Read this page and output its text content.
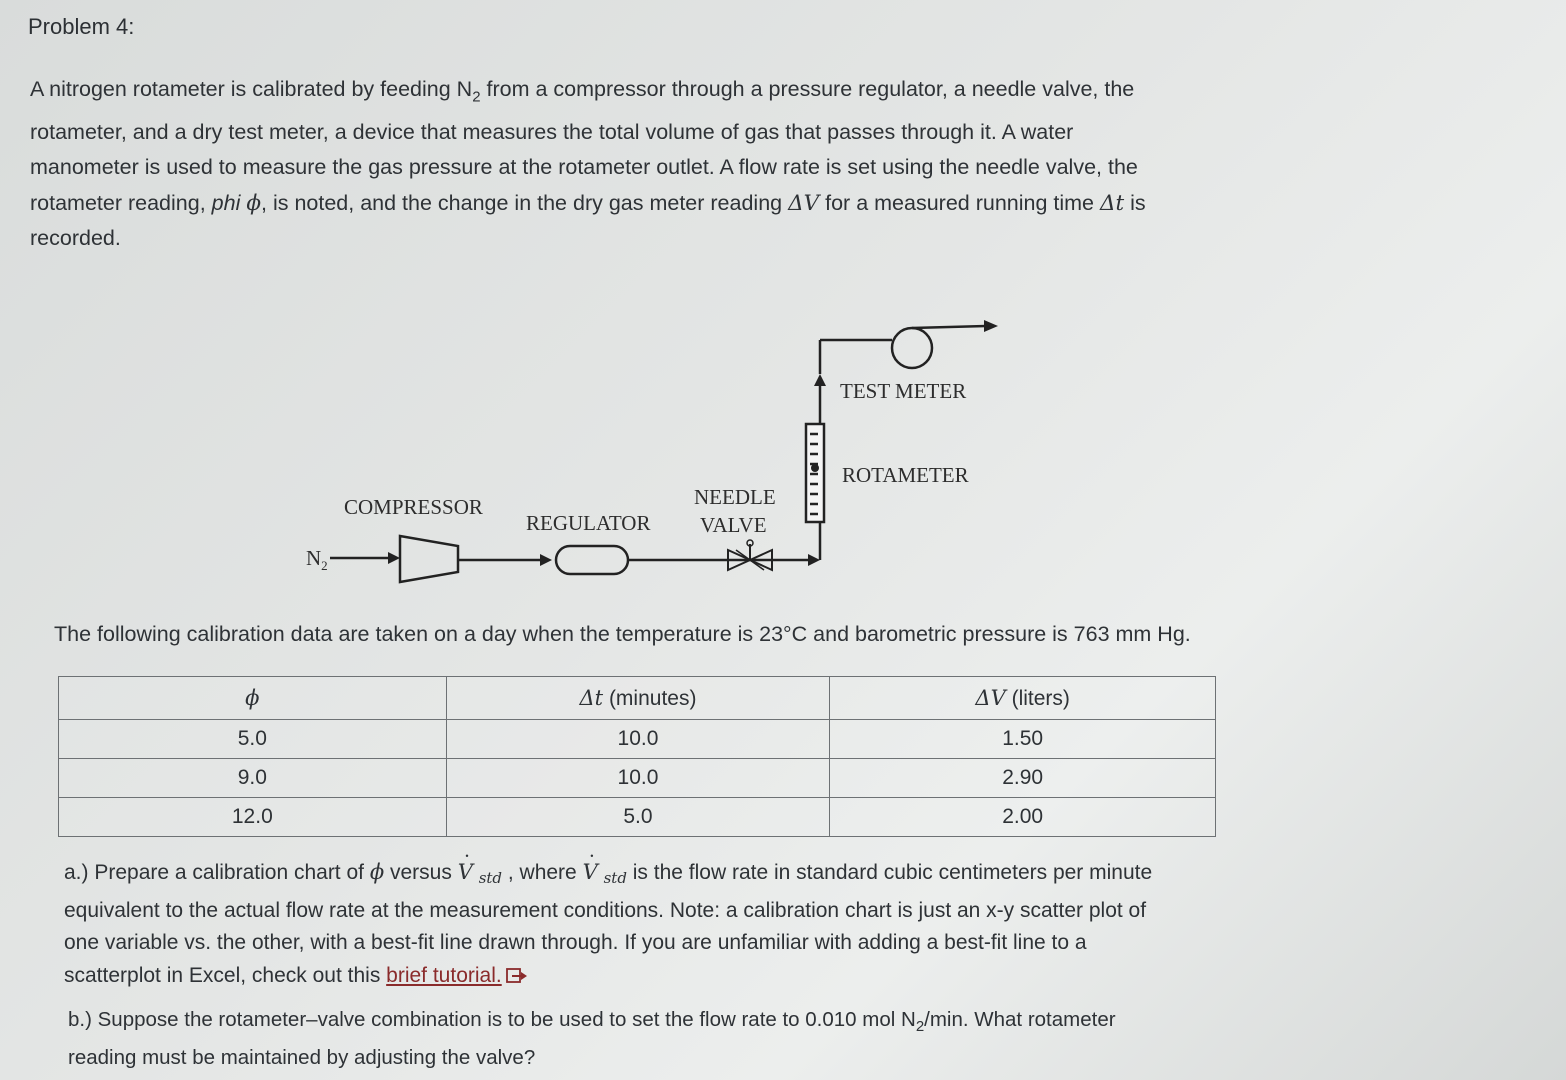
Problem 4:
A nitrogen rotameter is calibrated by feeding $N_2$ from a compressor through a pressure regulator, a needle valve, the
rotameter, and a dry test meter, a device that measures the total volume of gas that passes through it. A water
manometer is used to measure the gas pressure at the rotameter outlet. A flow rate is set using the needle valve, the
rotameter reading, phi ϕ, is noted, and the change in the dry gas meter reading ΔV for a measured running time Δt is
recorded.
$N_2$
COMPRESSOR
REGULATOR
NEEDLE
VALVE
ROTAMETER
TEST METER
The following calibration data are taken on a day when the temperature is 23°C and barometric pressure is 763 mm Hg.
ϕ	Δt (minutes)	ΔV (liters)
5.0	10.0	1.50
9.0	10.0	2.90
12.0	5.0	2.00
a.) Prepare a calibration chart of ϕ versus ˙ V $_{std}$ , where ˙ V $_{std}$ is the flow rate in standard cubic centimeters per minute
equivalent to the actual flow rate at the measurement conditions. Note: a calibration chart is just an x-y scatter plot of
one variable vs. the other, with a best-fit line drawn through. If you are unfamiliar with adding a best-fit line to a
scatterplot in Excel, check out this brief tutorial.
b.) Suppose the rotameter–valve combination is to be used to set the flow rate to 0.010 mol $N_2/\min$. What rotameter
reading must be maintained by adjusting the valve?
